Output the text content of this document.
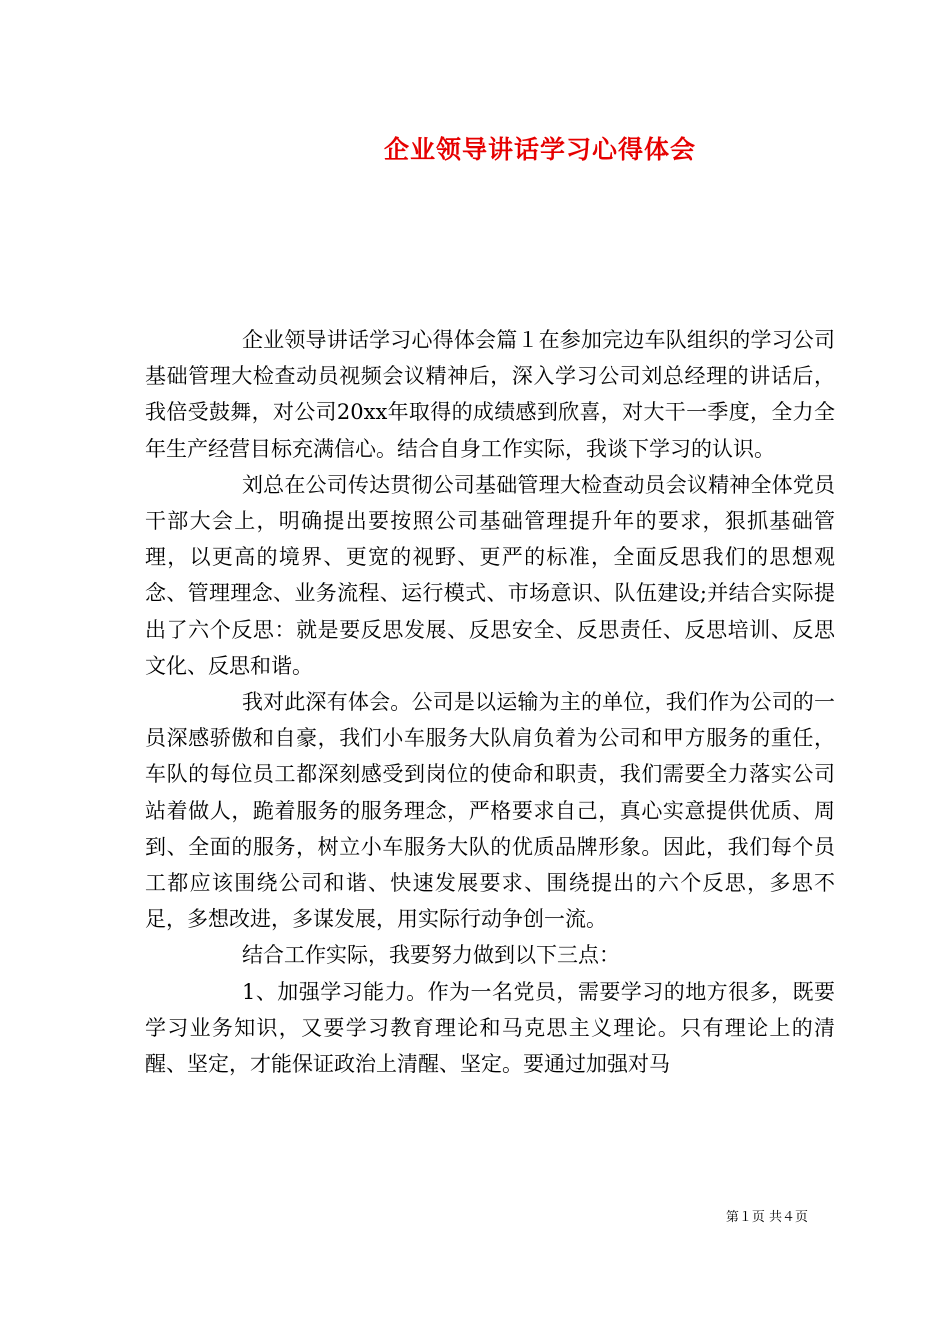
企业领导讲话学习心得体会

企业领导讲话学习心得体会篇１在参加完边车队组织的学习公司基础管理大检查动员视频会议精神后，深入学习公司刘总经理的讲话后，我倍受鼓舞，对公司20xx年取得的成绩感到欣喜，对大干一季度，全力全年生产经营目标充满信心。结合自身工作实际，我谈下学习的认识。

刘总在公司传达贯彻公司基础管理大检查动员会议精神全体党员干部大会上，明确提出要按照公司基础管理提升年的要求，狠抓基础管理，以更高的境界、更宽的视野、更严的标准，全面反思我们的思想观念、管理理念、业务流程、运行模式、市场意识、队伍建设;并结合实际提出了六个反思：就是要反思发展、反思安全、反思责任、反思培训、反思文化、反思和谐。

我对此深有体会。公司是以运输为主的单位，我们作为公司的一员深感骄傲和自豪，我们小车服务大队肩负着为公司和甲方服务的重任，车队的每位员工都深刻感受到岗位的使命和职责，我们需要全力落实公司站着做人，跪着服务的服务理念，严格要求自己，真心实意提供优质、周到、全面的服务，树立小车服务大队的优质品牌形象。因此，我们每个员工都应该围绕公司和谐、快速发展要求、围绕提出的六个反思，多思不足，多想改进，多谋发展，用实际行动争创一流。

结合工作实际，我要努力做到以下三点：

1、加强学习能力。作为一名党员，需要学习的地方很多，既要学习业务知识，又要学习教育理论和马克思主义理论。只有理论上的清醒、坚定，才能保证政治上清醒、坚定。要通过加强对马

第１页 共４页
